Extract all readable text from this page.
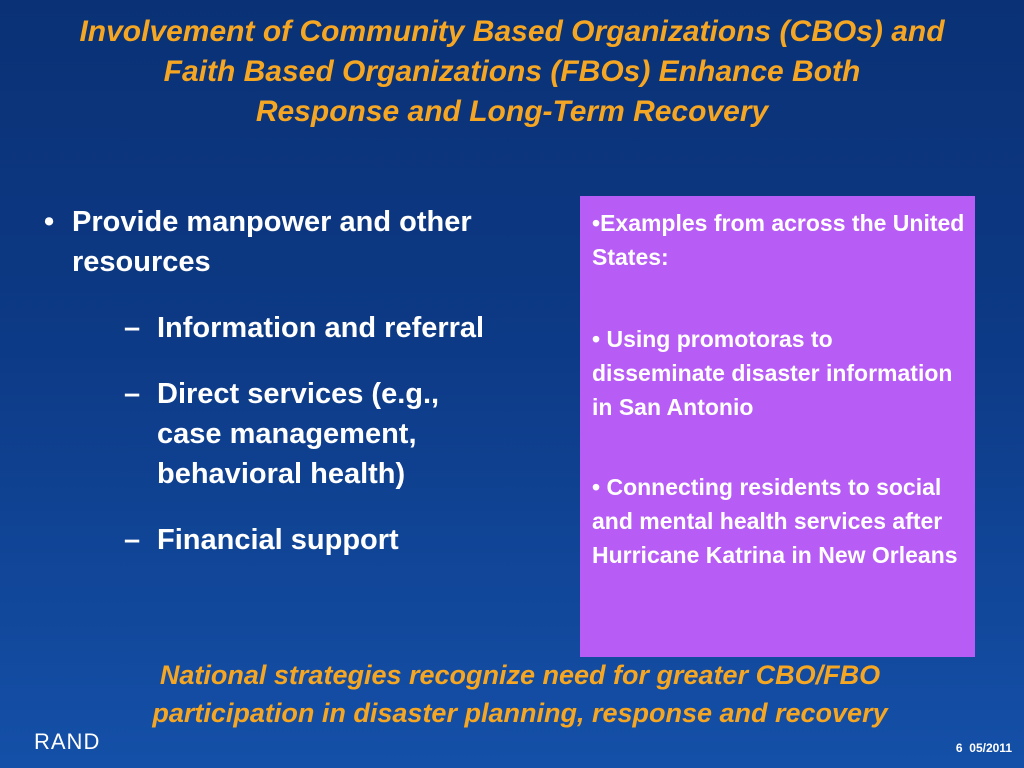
Involvement of Community Based Organizations (CBOs) and
Faith Based Organizations (FBOs) Enhance Both
Response and Long-Term Recovery
• Provide manpower and other resources
– Information and referral
– Direct services (e.g., case management, behavioral health)
– Financial support

•Examples from across the United States:

• Using promotoras to disseminate disaster information in San Antonio

• Connecting residents to social and mental health services after Hurricane Katrina in New Orleans

National strategies recognize need for greater CBO/FBO
participation in disaster planning, response and recovery

RAND	6 05/2011
